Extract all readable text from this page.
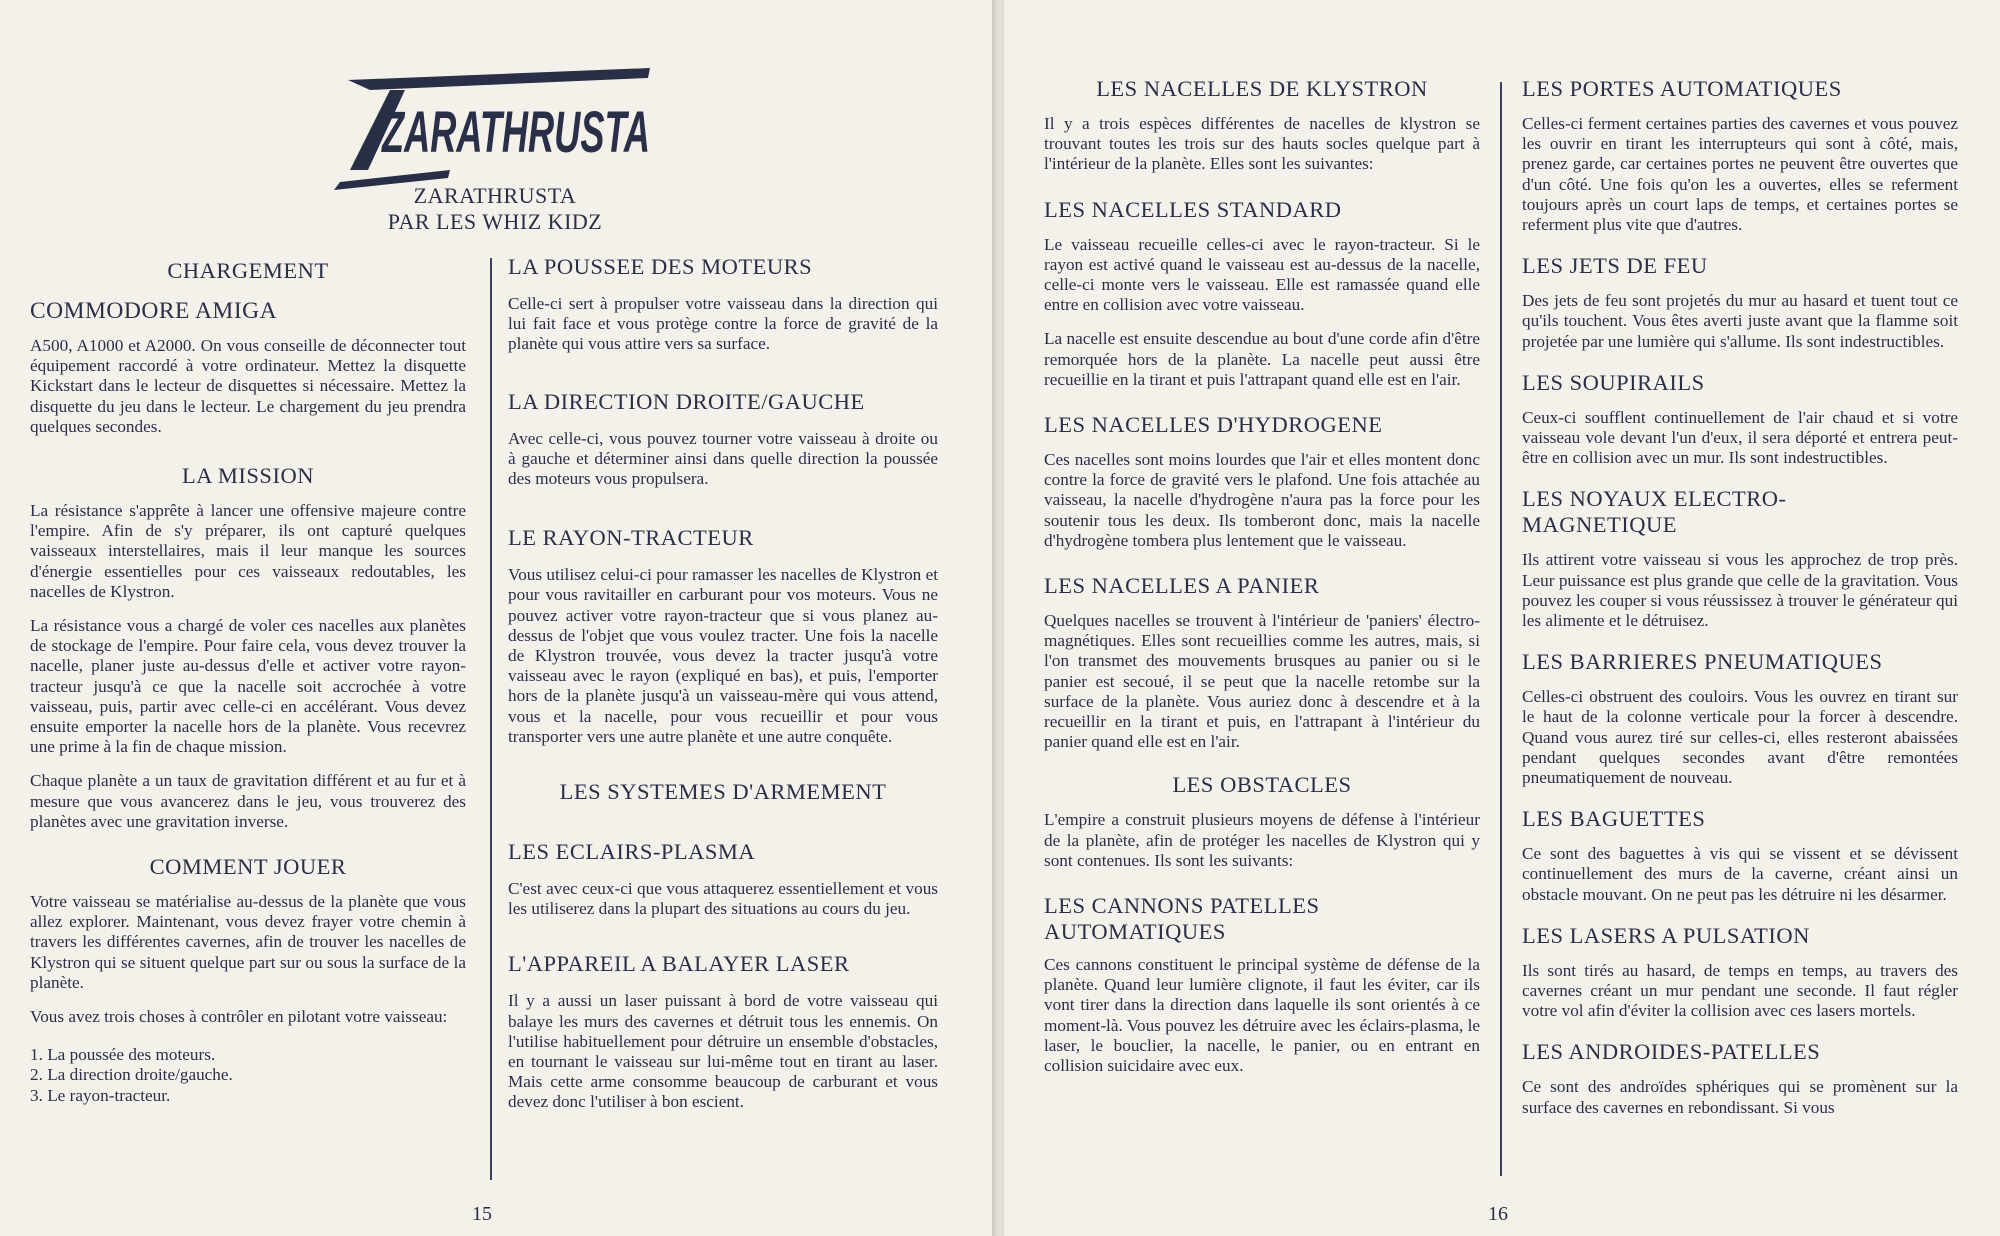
ZARATHRUSTA
ZARATHRUSTA
PAR LES WHIZ KIDZ
CHARGEMENT
COMMODORE AMIGA

A500, A1000 et A2000. On vous conseille de déconnecter tout équipement raccordé à votre ordinateur. Mettez la disquette Kickstart dans le lecteur de disquettes si nécessaire. Mettez la disquette du jeu dans le lecteur. Le chargement du jeu prendra quelques secondes.

LA MISSION

La résistance s'apprête à lancer une offensive majeure contre l'empire. Afin de s'y préparer, ils ont capturé quelques vaisseaux interstellaires, mais il leur manque les sources d'énergie essentielles pour ces vaisseaux redoutables, les nacelles de Klystron.

La résistance vous a chargé de voler ces nacelles aux planètes de stockage de l'empire. Pour faire cela, vous devez trouver la nacelle, planer juste au-dessus d'elle et activer votre rayon-tracteur jusqu'à ce que la nacelle soit accrochée à votre vaisseau, puis, partir avec celle-ci en accélérant. Vous devez ensuite emporter la nacelle hors de la planète. Vous recevrez une prime à la fin de chaque mission.

Chaque planète a un taux de gravitation différent et au fur et à mesure que vous avancerez dans le jeu, vous trouverez des planètes avec une gravitation inverse.

COMMENT JOUER

Votre vaisseau se matérialise au-dessus de la planète que vous allez explorer. Maintenant, vous devez frayer votre chemin à travers les différentes cavernes, afin de trouver les nacelles de Klystron qui se situent quelque part sur ou sous la surface de la planète.

Vous avez trois choses à contrôler en pilotant votre vaisseau:

1. La poussée des moteurs.
2. La direction droite/gauche.
3. Le rayon-tracteur.
LA POUSSEE DES MOTEURS

Celle-ci sert à propulser votre vaisseau dans la direction qui lui fait face et vous protège contre la force de gravité de la planète qui vous attire vers sa surface.

LA DIRECTION DROITE/GAUCHE

Avec celle-ci, vous pouvez tourner votre vaisseau à droite ou à gauche et déterminer ainsi dans quelle direction la poussée des moteurs vous propulsera.

LE RAYON-TRACTEUR

Vous utilisez celui-ci pour ramasser les nacelles de Klystron et pour vous ravitailler en carburant pour vos moteurs. Vous ne pouvez activer votre rayon-tracteur que si vous planez au-dessus de l'objet que vous voulez tracter. Une fois la nacelle de Klystron trouvée, vous devez la tracter jusqu'à votre vaisseau avec le rayon (expliqué en bas), et puis, l'emporter hors de la planète jusqu'à un vaisseau-mère qui vous attend, vous et la nacelle, pour vous recueillir et pour vous transporter vers une autre planète et une autre conquête.

LES SYSTEMES D'ARMEMENT
LES ECLAIRS-PLASMA

C'est avec ceux-ci que vous attaquerez essentiellement et vous les utiliserez dans la plupart des situations au cours du jeu.

L'APPAREIL A BALAYER LASER

Il y a aussi un laser puissant à bord de votre vaisseau qui balaye les murs des cavernes et détruit tous les ennemis. On l'utilise habituellement pour détruire un ensemble d'obstacles, en tournant le vaisseau sur lui-même tout en tirant au laser. Mais cette arme consomme beaucoup de carburant et vous devez donc l'utiliser à bon escient.

15
LES NACELLES DE KLYSTRON

Il y a trois espèces différentes de nacelles de klystron se trouvant toutes les trois sur des hauts socles quelque part à l'intérieur de la planète. Elles sont les suivantes:

LES NACELLES STANDARD

Le vaisseau recueille celles-ci avec le rayon-tracteur. Si le rayon est activé quand le vaisseau est au-dessus de la nacelle, celle-ci monte vers le vaisseau. Elle est ramassée quand elle entre en collision avec votre vaisseau.

La nacelle est ensuite descendue au bout d'une corde afin d'être remorquée hors de la planète. La nacelle peut aussi être recueillie en la tirant et puis l'attrapant quand elle est en l'air.

LES NACELLES D'HYDROGENE

Ces nacelles sont moins lourdes que l'air et elles montent donc contre la force de gravité vers le plafond. Une fois attachée au vaisseau, la nacelle d'hydrogène n'aura pas la force pour les soutenir tous les deux. Ils tomberont donc, mais la nacelle d'hydrogène tombera plus lentement que le vaisseau.

LES NACELLES A PANIER

Quelques nacelles se trouvent à l'intérieur de 'paniers' électro-magnétiques. Elles sont recueillies comme les autres, mais, si l'on transmet des mouvements brusques au panier ou si le panier est secoué, il se peut que la nacelle retombe sur la surface de la planète. Vous auriez donc à descendre et à la recueillir en la tirant et puis, en l'attrapant à l'intérieur du panier quand elle est en l'air.

LES OBSTACLES

L'empire a construit plusieurs moyens de défense à l'intérieur de la planète, afin de protéger les nacelles de Klystron qui y sont contenues. Ils sont les suivants:

LES CANNONS PATELLES AUTOMATIQUES

Ces cannons constituent le principal système de défense de la planète. Quand leur lumière clignote, il faut les éviter, car ils vont tirer dans la direction dans laquelle ils sont orientés à ce moment-là. Vous pouvez les détruire avec les éclairs-plasma, le laser, le bouclier, la nacelle, le panier, ou en entrant en collision suicidaire avec eux.

LES PORTES AUTOMATIQUES

Celles-ci ferment certaines parties des cavernes et vous pouvez les ouvrir en tirant les interrupteurs qui sont à côté, mais, prenez garde, car certaines portes ne peuvent être ouvertes que d'un côté. Une fois qu'on les a ouvertes, elles se referment toujours après un court laps de temps, et certaines portes se referment plus vite que d'autres.

LES JETS DE FEU

Des jets de feu sont projetés du mur au hasard et tuent tout ce qu'ils touchent. Vous êtes averti juste avant que la flamme soit projetée par une lumière qui s'allume. Ils sont indestructibles.

LES SOUPIRAILS

Ceux-ci soufflent continuellement de l'air chaud et si votre vaisseau vole devant l'un d'eux, il sera déporté et entrera peut-être en collision avec un mur. Ils sont indestructibles.

LES NOYAUX ELECTRO-MAGNETIQUE

Ils attirent votre vaisseau si vous les approchez de trop près. Leur puissance est plus grande que celle de la gravitation. Vous pouvez les couper si vous réussissez à trouver le générateur qui les alimente et le détruisez.

LES BARRIERES PNEUMATIQUES

Celles-ci obstruent des couloirs. Vous les ouvrez en tirant sur le haut de la colonne verticale pour la forcer à descendre. Quand vous aurez tiré sur celles-ci, elles resteront abaissées pendant quelques secondes avant d'être remontées pneumatiquement de nouveau.

LES BAGUETTES

Ce sont des baguettes à vis qui se vissent et se dévissent continuellement des murs de la caverne, créant ainsi un obstacle mouvant. On ne peut pas les détruire ni les désarmer.

LES LASERS A PULSATION

Ils sont tirés au hasard, de temps en temps, au travers des cavernes créant un mur pendant une seconde. Il faut régler votre vol afin d'éviter la collision avec ces lasers mortels.

LES ANDROIDES-PATELLES

Ce sont des androïdes sphériques qui se promènent sur la surface des cavernes en rebondissant. Si vous

16
